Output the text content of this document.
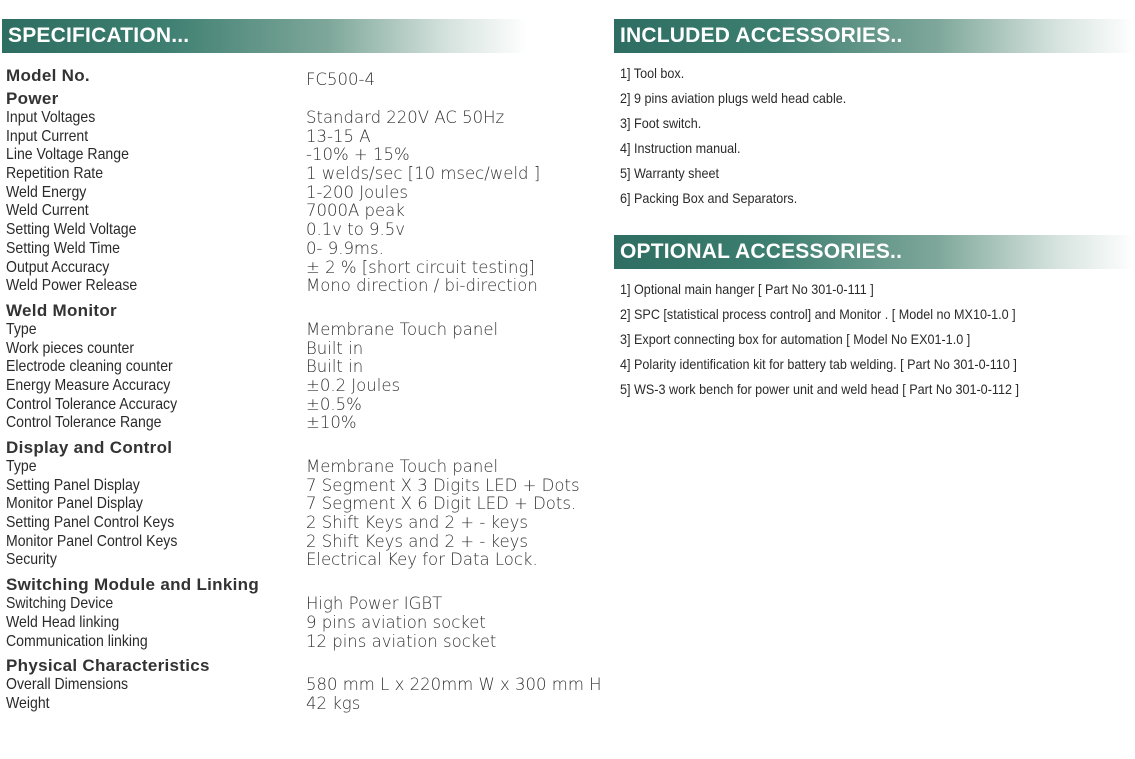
SPECIFICATION...	INCLUDED ACCESSORIES..
OPTIONAL ACCESSORIES..
Model No.	FC500-4
Power
Input Voltages	Standard 220V AC 50Hz
Input Current	13-15 A
Line Voltage Range	-10% + 15%
Repetition Rate	1 welds/sec [10 msec/weld ]
Weld Energy	1-200 Joules
Weld Current	7000A peak
Setting Weld Voltage	0.1v to 9.5v
Setting Weld Time	0- 9.9ms.
Output Accuracy	± 2 % [short circuit testing]
Weld Power Release	Mono direction / bi-direction
Weld Monitor
Type	Membrane Touch panel
Work pieces counter	Built in
Electrode cleaning counter	Built in
Energy Measure Accuracy	±0.2 Joules
Control Tolerance Accuracy	±0.5%
Control Tolerance Range	±10%
Display and Control
Type	Membrane Touch panel
Setting Panel Display	7 Segment X 3 Digits LED + Dots
Monitor Panel Display	7 Segment X 6 Digit LED + Dots.
Setting Panel Control Keys	2 Shift Keys and 2 + - keys
Monitor Panel Control Keys	2 Shift Keys and 2 + - keys
Security	Electrical Key for Data Lock.
Switching Module and Linking
Switching Device	High Power IGBT
Weld Head linking	9 pins aviation socket
Communication linking	12 pins aviation socket
Physical Characteristics
Overall Dimensions	580 mm L x 220mm W x 300 mm H
Weight	42 kgs
1] Tool box.
2] 9 pins aviation plugs weld head cable.
3] Foot switch.
4] Instruction manual.
5] Warranty sheet
6] Packing Box and Separators.
1] Optional main hanger [ Part No 301-0-111 ]
2] SPC [statistical process control] and Monitor . [ Model no MX10-1.0 ]
3] Export connecting box for automation [ Model No EX01-1.0 ]
4] Polarity identification kit for battery tab welding. [ Part No 301-0-110 ]
5] WS-3 work bench for power unit and weld head [ Part No 301-0-112 ]
